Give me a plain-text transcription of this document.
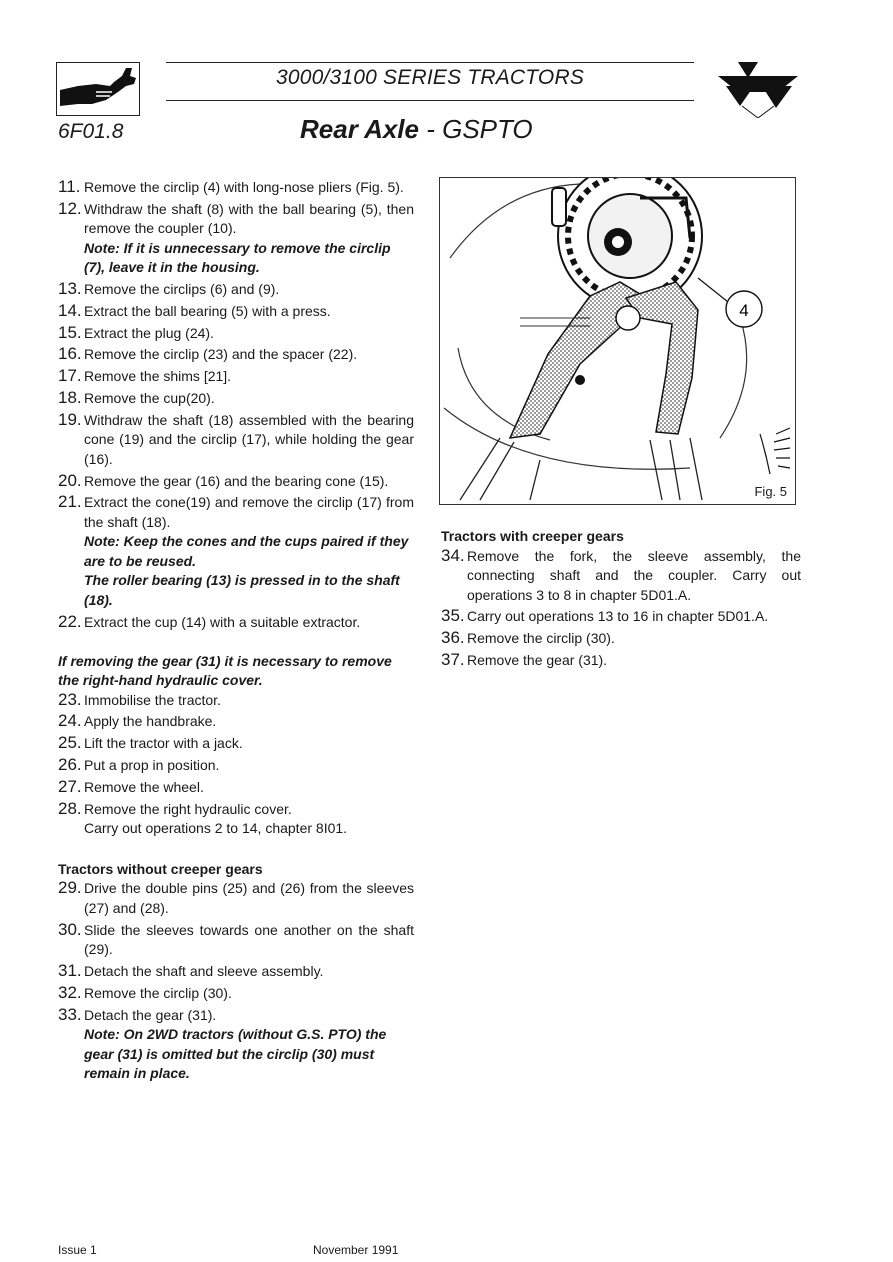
3000/3100 SERIES TRACTORS
6F01.8	Rear Axle - GSPTO
11. Remove the circlip (4) with long-nose pliers (Fig. 5).
12. Withdraw the shaft (8) with the ball bearing (5), then remove the coupler (10).
Note: If it is unnecessary to remove the circlip (7), leave it in the housing.
13. Remove the circlips (6) and (9).
14. Extract the ball bearing (5) with a press.
15. Extract the plug (24).
16. Remove the circlip (23) and the spacer (22).
17. Remove the shims [21].
18. Remove the cup(20).
19. Withdraw the shaft (18) assembled with the bearing cone (19) and the circlip (17), while holding the gear (16).
20. Remove the gear (16) and the bearing cone (15).
21. Extract the cone(19) and remove the circlip (17) from the shaft (18).
Note: Keep the cones and the cups paired if they are to be reused.
The roller bearing (13) is pressed in to the shaft (18).
22. Extract the cup (14) with a suitable extractor.
If removing the gear (31) it is necessary to remove the right-hand hydraulic cover.
23. Immobilise the tractor.
24. Apply the handbrake.
25. Lift the tractor with a jack.
26. Put a prop in position.
27. Remove the wheel.
28. Remove the right hydraulic cover.
Carry out operations 2 to 14, chapter 8I01.
Tractors without creeper gears
29. Drive the double pins (25) and (26) from the sleeves (27) and (28).
30. Slide the sleeves towards one another on the shaft (29).
31. Detach the shaft and sleeve assembly.
32. Remove the circlip (30).
33. Detach the gear (31).
Note: On 2WD tractors (without G.S. PTO) the gear (31) is omitted but the circlip (30) must remain in place.
4
Fig. 5
Tractors with creeper gears
34. Remove the fork, the sleeve assembly, the connecting shaft and the coupler. Carry out operations 3 to 8 in chapter 5D01.A.
35. Carry out operations 13 to 16 in chapter 5D01.A.
36. Remove the circlip (30).
37. Remove the gear (31).
Issue 1	November 1991
